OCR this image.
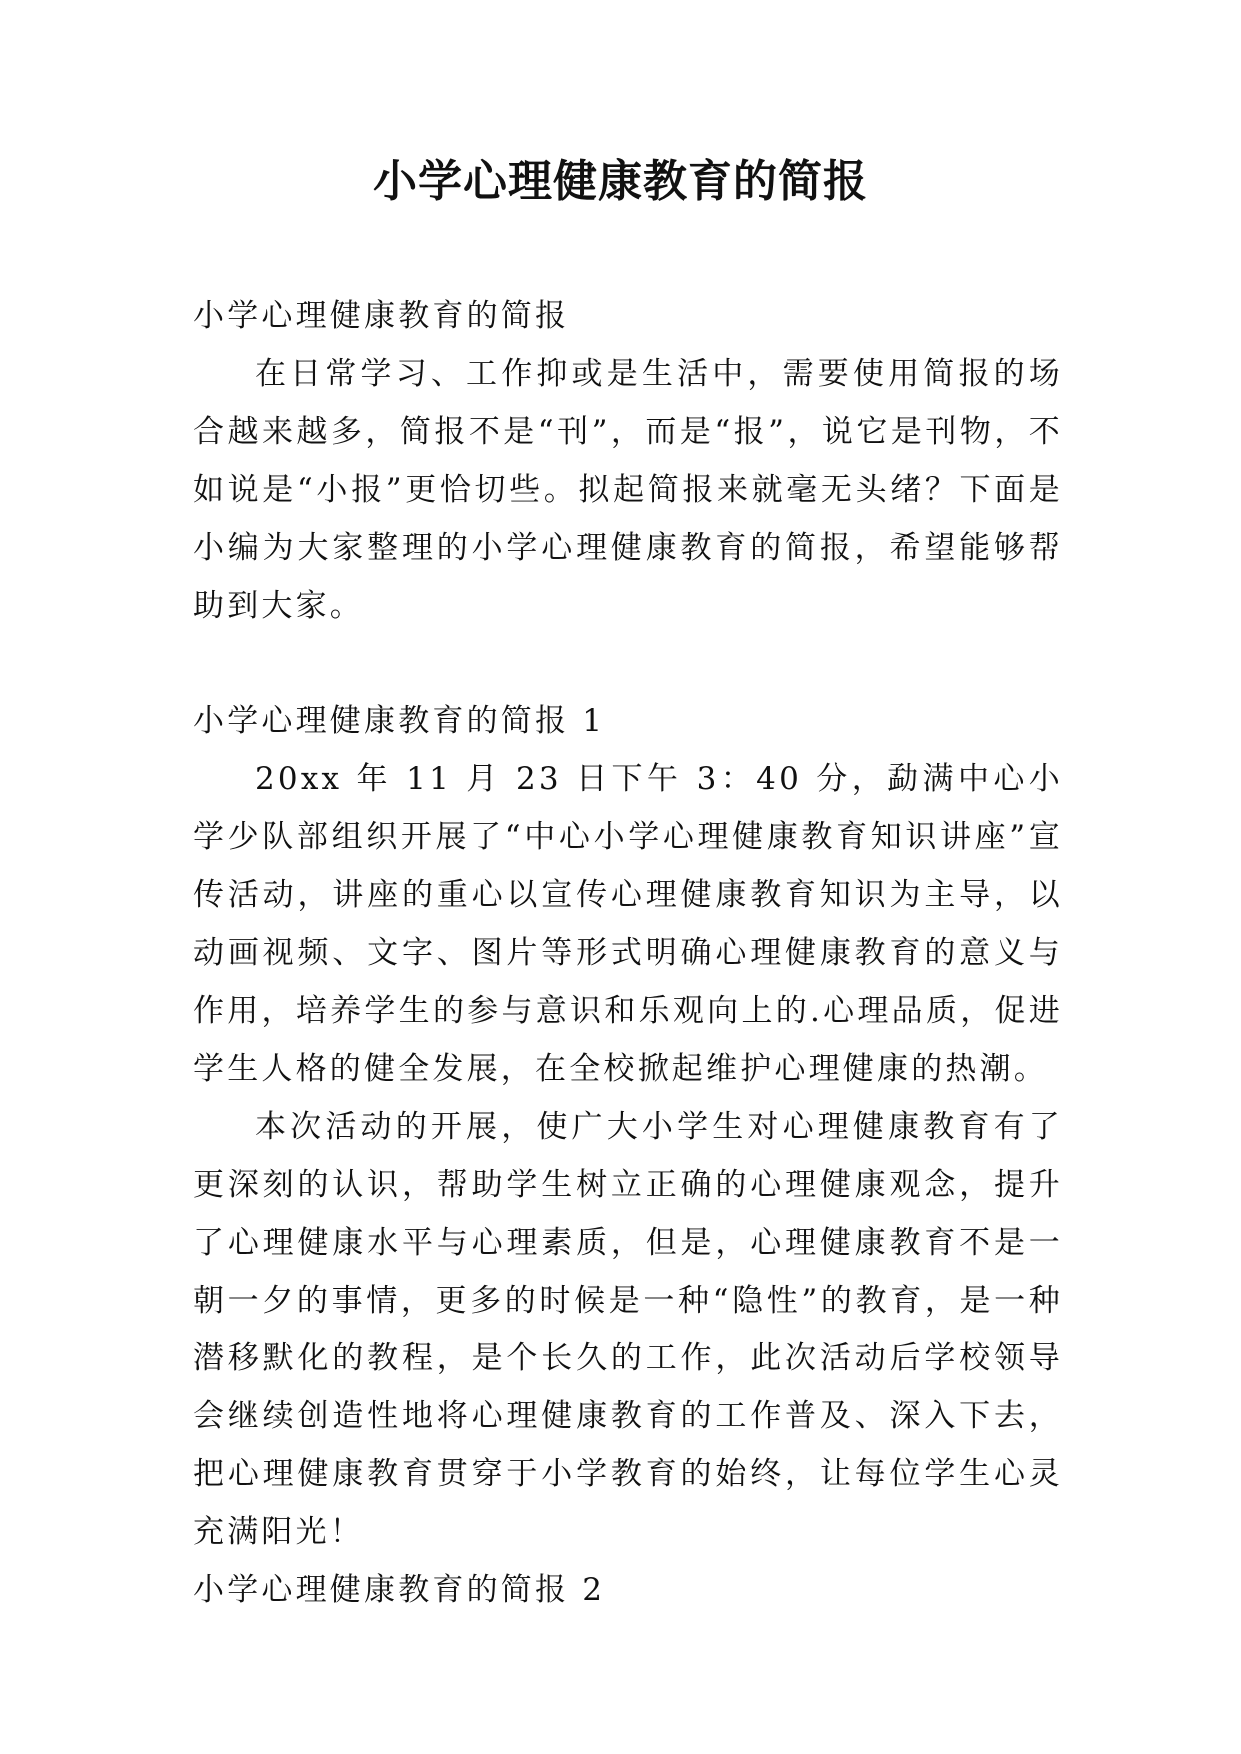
小学心理健康教育的简报

小学心理健康教育的简报

在日常学习、工作抑或是生活中，需要使用简报的场合越来越多，简报不是“刊”，而是“报”，说它是刊物，不如说是“小报”更恰切些。拟起简报来就毫无头绪？下面是小编为大家整理的小学心理健康教育的简报，希望能够帮助到大家。

小学心理健康教育的简报 1

20xx 年 11 月 23 日下午 3：40 分，勐满中心小学少队部组织开展了“中心小学心理健康教育知识讲座”宣传活动，讲座的重心以宣传心理健康教育知识为主导，以动画视频、文字、图片等形式明确心理健康教育的意义与作用，培养学生的参与意识和乐观向上的.心理品质，促进学生人格的健全发展，在全校掀起维护心理健康的热潮。

本次活动的开展，使广大小学生对心理健康教育有了更深刻的认识，帮助学生树立正确的心理健康观念，提升了心理健康水平与心理素质，但是，心理健康教育不是一朝一夕的事情，更多的时候是一种“隐性”的教育，是一种潜移默化的教程，是个长久的工作，此次活动后学校领导会继续创造性地将心理健康教育的工作普及、深入下去，把心理健康教育贯穿于小学教育的始终，让每位学生心灵充满阳光！

小学心理健康教育的简报 2
